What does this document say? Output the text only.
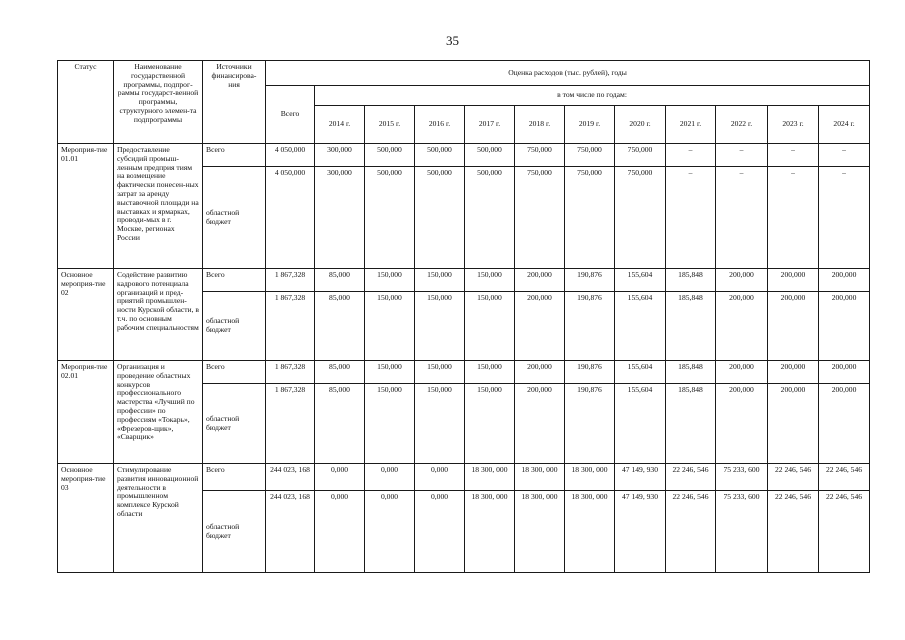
35
Статус	Наименование государственной программы, подпрог-раммы государст-венной программы, структурного элемен-та подпрограммы	Источники финансирова-ния	Оценка расходов (тыс. рублей), годы											
			Всего	в том числе по годам:										
				2014 г.	2015 г.	2016 г.	2017 г.	2018 г.	2019 г.	2020 г.	2021 г.	2022 г.	2023 г.	2024 г.
Мероприя-тие 01.01	Предоставление субсидий промыш-ленным предприя тиям на возмещение фактически понесен-ных затрат за аренду выставочной площади на выставках и ярмарках, проводи-мых в г. Москве, регионах России	Всего	4 050,000	300,000	500,000	500,000	500,000	750,000	750,000	750,000	–	–	–	–
		областной бюджет	4 050,000	300,000	500,000	500,000	500,000	750,000	750,000	750,000	–	–	–	–
Основное мероприя-тие 02	Содействие развитию кадрового потенциала организаций и пред-приятий промышлен-ности Курской области, в т.ч. по основным рабочим специальностям	Всего	1 867,328	85,000	150,000	150,000	150,000	200,000	190,876	155,604	185,848	200,000	200,000	200,000
		областной бюджет	1 867,328	85,000	150,000	150,000	150,000	200,000	190,876	155,604	185,848	200,000	200,000	200,000
Мероприя-тие 02.01	Организация и проведение областных конкурсов профессионального мастерства «Лучший по профессии» по профессиям «Токарь», «Фрезеров-щик», «Сварщик»	Всего	1 867,328	85,000	150,000	150,000	150,000	200,000	190,876	155,604	185,848	200,000	200,000	200,000
		областной бюджет	1 867,328	85,000	150,000	150,000	150,000	200,000	190,876	155,604	185,848	200,000	200,000	200,000
Основное мероприя-тие 03	Стимулирование развития инновационной деятельности в промышленном комплексе Курской области	Всего	244 023, 168	0,000	0,000	0,000	18 300, 000	18 300, 000	18 300, 000	47 149, 930	22 246, 546	75 233, 600	22 246, 546	22 246, 546
		областной бюджет	244 023, 168	0,000	0,000	0,000	18 300, 000	18 300, 000	18 300, 000	47 149, 930	22 246, 546	75 233, 600	22 246, 546	22 246, 546
